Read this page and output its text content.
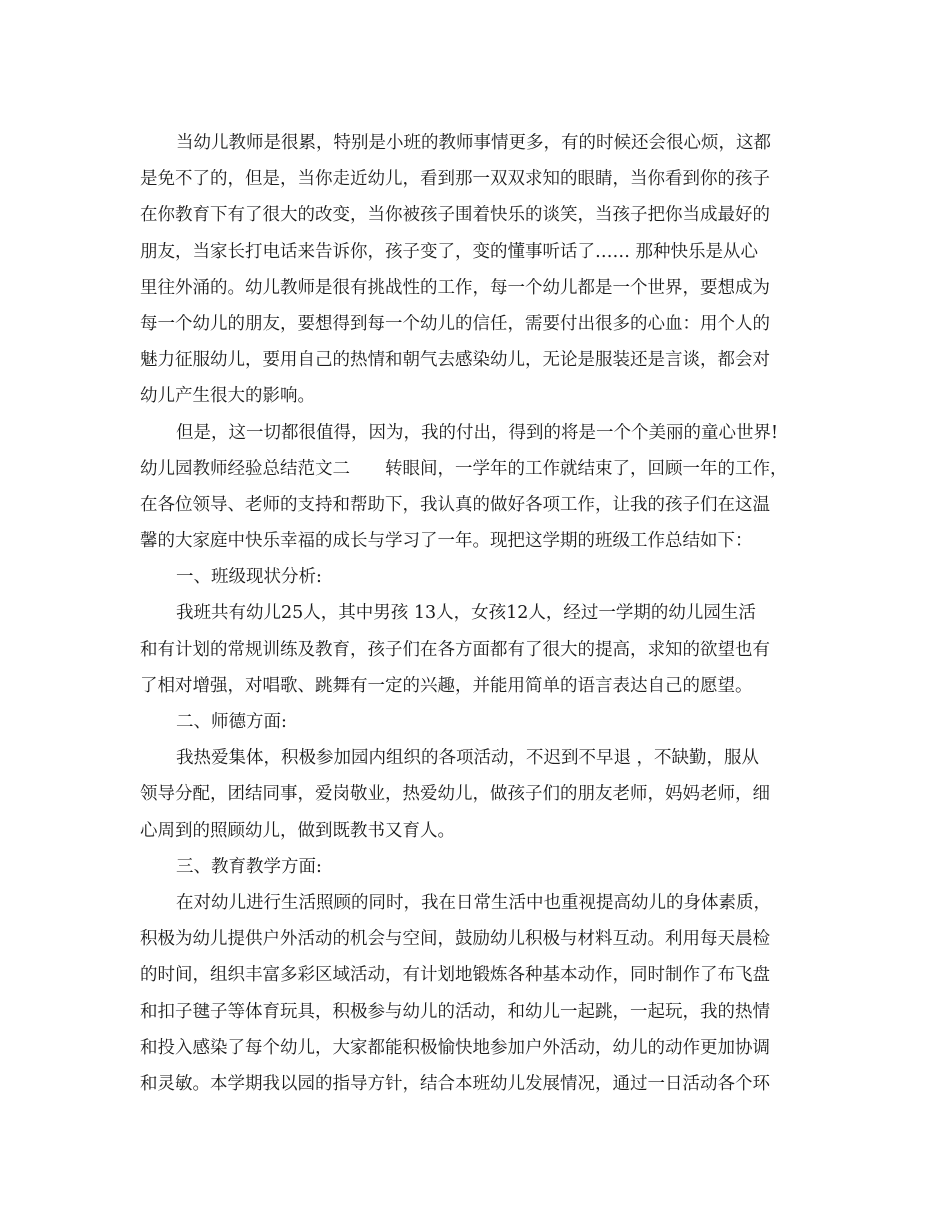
当幼儿教师是很累，特别是小班的教师事情更多，有的时候还会很心烦，这都
是免不了的，但是，当你走近幼儿，看到那一双双求知的眼睛，当你看到你的孩子
在你教育下有了很大的改变，当你被孩子围着快乐的谈笑，当孩子把你当成最好的
朋友，当家长打电话来告诉你，孩子变了，变的懂事听话了…… 那种快乐是从心
里往外涌的。幼儿教师是很有挑战性的工作，每一个幼儿都是一个世界，要想成为
每一个幼儿的朋友，要想得到每一个幼儿的信任，需要付出很多的心血：用个人的
魅力征服幼儿，要用自己的热情和朝气去感染幼儿，无论是服装还是言谈，都会对
幼儿产生很大的影响。
但是，这一切都很值得，因为，我的付出，得到的将是一个个美丽的童心世界!
幼儿园教师经验总结范文二　　转眼间，一学年的工作就结束了，回顾一年的工作，
在各位领导、老师的支持和帮助下，我认真的做好各项工作，让我的孩子们在这温
馨的大家庭中快乐幸福的成长与学习了一年。现把这学期的班级工作总结如下：
一、班级现状分析:
我班共有幼儿25人，其中男孩 13人，女孩12人，经过一学期的幼儿园生活
和有计划的常规训练及教育，孩子们在各方面都有了很大的提高，求知的欲望也有
了相对增强，对唱歌、跳舞有一定的兴趣，并能用简单的语言表达自己的愿望。
二、师德方面:
我热爱集体，积极参加园内组织的各项活动，不迟到不早退 ，不缺勤，服从
领导分配，团结同事，爱岗敬业，热爱幼儿，做孩子们的朋友老师，妈妈老师，细
心周到的照顾幼儿，做到既教书又育人。
三、教育教学方面:
在对幼儿进行生活照顾的同时，我在日常生活中也重视提高幼儿的身体素质，
积极为幼儿提供户外活动的机会与空间，鼓励幼儿积极与材料互动。利用每天晨检
的时间，组织丰富多彩区域活动，有计划地锻炼各种基本动作，同时制作了布飞盘
和扣子毽子等体育玩具，积极参与幼儿的活动，和幼儿一起跳，一起玩，我的热情
和投入感染了每个幼儿，大家都能积极愉快地参加户外活动，幼儿的动作更加协调
和灵敏。本学期我以园的指导方针，结合本班幼儿发展情况，通过一日活动各个环
